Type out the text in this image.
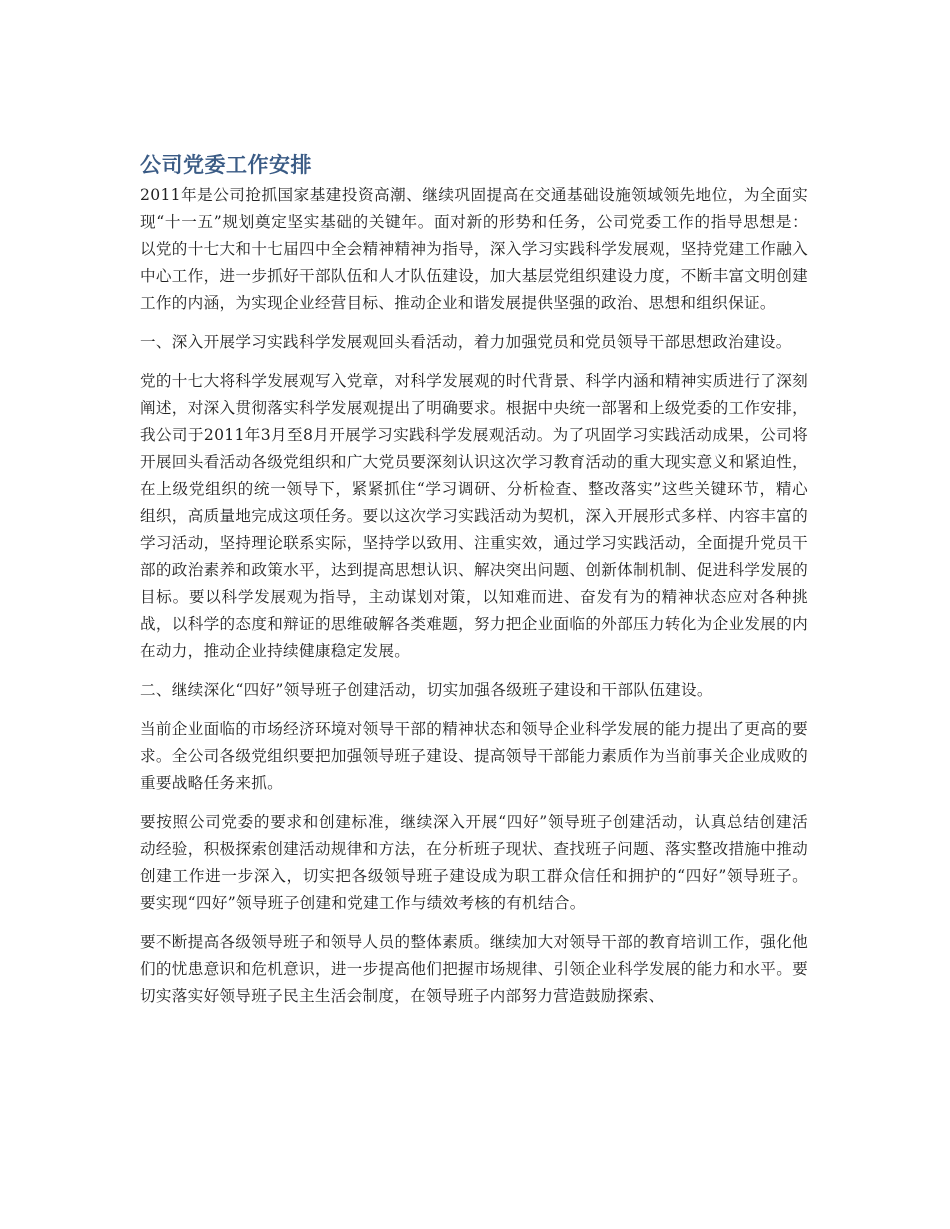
公司党委工作安排

2011年是公司抢抓国家基建投资高潮、继续巩固提高在交通基础设施领域领先地位，为全面实现“十一五”规划奠定坚实基础的关键年。面对新的形势和任务，公司党委工作的指导思想是：以党的十七大和十七届四中全会精神精神为指导，深入学习实践科学发展观，坚持党建工作融入中心工作，进一步抓好干部队伍和人才队伍建设，加大基层党组织建设力度，不断丰富文明创建工作的内涵，为实现企业经营目标、推动企业和谐发展提供坚强的政治、思想和组织保证。

一、深入开展学习实践科学发展观回头看活动，着力加强党员和党员领导干部思想政治建设。

党的十七大将科学发展观写入党章，对科学发展观的时代背景、科学内涵和精神实质进行了深刻阐述，对深入贯彻落实科学发展观提出了明确要求。根据中央统一部署和上级党委的工作安排，我公司于2011年3月至8月开展学习实践科学发展观活动。为了巩固学习实践活动成果，公司将开展回头看活动各级党组织和广大党员要深刻认识这次学习教育活动的重大现实意义和紧迫性，在上级党组织的统一领导下，紧紧抓住“学习调研、分析检查、整改落实”这些关键环节，精心组织，高质量地完成这项任务。要以这次学习实践活动为契机，深入开展形式多样、内容丰富的学习活动，坚持理论联系实际，坚持学以致用、注重实效，通过学习实践活动，全面提升党员干部的政治素养和政策水平，达到提高思想认识、解决突出问题、创新体制机制、促进科学发展的目标。要以科学发展观为指导，主动谋划对策，以知难而进、奋发有为的精神状态应对各种挑战，以科学的态度和辩证的思维破解各类难题，努力把企业面临的外部压力转化为企业发展的内在动力，推动企业持续健康稳定发展。

二、继续深化“四好”领导班子创建活动，切实加强各级班子建设和干部队伍建设。

当前企业面临的市场经济环境对领导干部的精神状态和领导企业科学发展的能力提出了更高的要求。全公司各级党组织要把加强领导班子建设、提高领导干部能力素质作为当前事关企业成败的重要战略任务来抓。

要按照公司党委的要求和创建标准，继续深入开展“四好”领导班子创建活动，认真总结创建活动经验，积极探索创建活动规律和方法，在分析班子现状、查找班子问题、落实整改措施中推动创建工作进一步深入，切实把各级领导班子建设成为职工群众信任和拥护的“四好”领导班子。要实现“四好”领导班子创建和党建工作与绩效考核的有机结合。

要不断提高各级领导班子和领导人员的整体素质。继续加大对领导干部的教育培训工作，强化他们的忧患意识和危机意识，进一步提高他们把握市场规律、引领企业科学发展的能力和水平。要切实落实好领导班子民主生活会制度，在领导班子内部努力营造鼓励探索、
